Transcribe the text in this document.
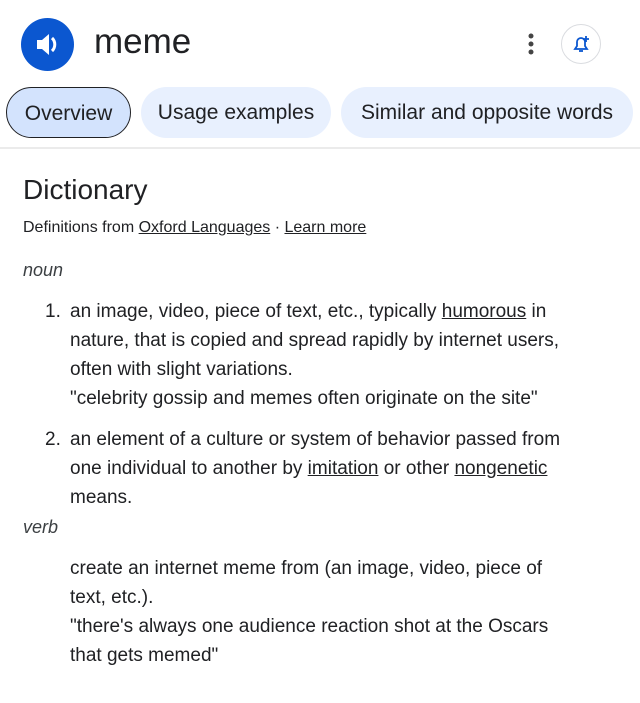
meme
Overview	Usage examples	Similar and opposite words
Dictionary
Definitions from Oxford Languages · Learn more
noun
1. an image, video, piece of text, etc., typically humorous in
nature, that is copied and spread rapidly by internet users,
often with slight variations.
"celebrity gossip and memes often originate on the site"
2. an element of a culture or system of behavior passed from
one individual to another by imitation or other nongenetic
means.
verb
create an internet meme from (an image, video, piece of
text, etc.).
"there's always one audience reaction shot at the Oscars
that gets memed"
